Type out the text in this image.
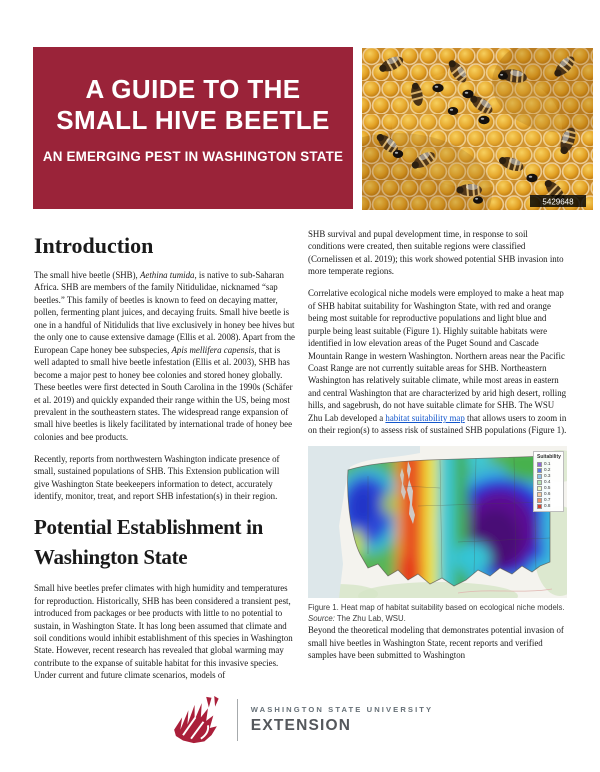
A GUIDE TO THE
SMALL HIVE BEETLE
AN EMERGING PEST IN WASHINGTON STATE
5429648
Introduction

The small hive beetle (SHB), Aethina tumida, is native to sub-Saharan Africa. SHB are members of the family Nitidulidae, nicknamed “sap beetles.” This family of beetles is known to feed on decaying matter, pollen, fermenting plant juices, and decaying fruits. Small hive beetle is one in a handful of Nitidulids that live exclusively in honey bee hives but the only one to cause extensive damage (Ellis et al. 2008). Apart from the European Cape honey bee subspecies, Apis mellifera capensis, that is well adapted to small hive beetle infestation (Ellis et al. 2003), SHB has become a major pest to honey bee colonies and stored honey globally. These beetles were first detected in South Carolina in the 1990s (Schäfer et al. 2019) and quickly expanded their range within the US, being most prevalent in the southeastern states. The widespread range expansion of small hive beetles is likely facilitated by international trade of honey bee colonies and bee products.

Recently, reports from northwestern Washington indicate presence of small, sustained populations of SHB. This Extension publication will give Washington State beekeepers information to detect, accurately identify, monitor, treat, and report SHB infestation(s) in their region.

Potential Establishment in
Washington State

Small hive beetles prefer climates with high humidity and temperatures for reproduction. Historically, SHB has been considered a transient pest, introduced from packages or bee products with little to no potential to sustain, in Washington State. It has long been assumed that climate and soil conditions would inhibit establishment of this species in Washington State. However, recent research has revealed that global warming may contribute to the expanse of suitable habitat for this invasive species. Under current and future climate scenarios, models of

SHB survival and pupal development time, in response to soil conditions were created, then suitable regions were classified (Cornelissen et al. 2019); this work showed potential SHB invasion into more temperate regions.

Correlative ecological niche models were employed to make a heat map of SHB habitat suitability for Washington State, with red and orange being most suitable for reproductive populations and light blue and purple being least suitable (Figure 1). Highly suitable habitats were identified in low elevation areas of the Puget Sound and Cascade Mountain Range in western Washington. Northern areas near the Pacific Coast Range are not currently suitable areas for SHB. Northeastern Washington has relatively suitable climate, while most areas in eastern and central Washington that are characterized by arid high desert, rolling hills, and sagebrush, do not have suitable climate for SHB. The WSU Zhu Lab developed a habitat suitability map that allows users to zoom in on their region(s) to assess risk of sustained SHB populations (Figure 1).

Suitability
0.1
0.2
0.3
0.4
0.5
0.6
0.7
0.8
Figure 1. Heat map of habitat suitability based on ecological niche models.
Source: The Zhu Lab, WSU.

Beyond the theoretical modeling that demonstrates potential invasion of small hive beetles in Washington State, recent reports and verified samples have been submitted to Washington

WASHINGTON STATE UNIVERSITY
EXTENSION
